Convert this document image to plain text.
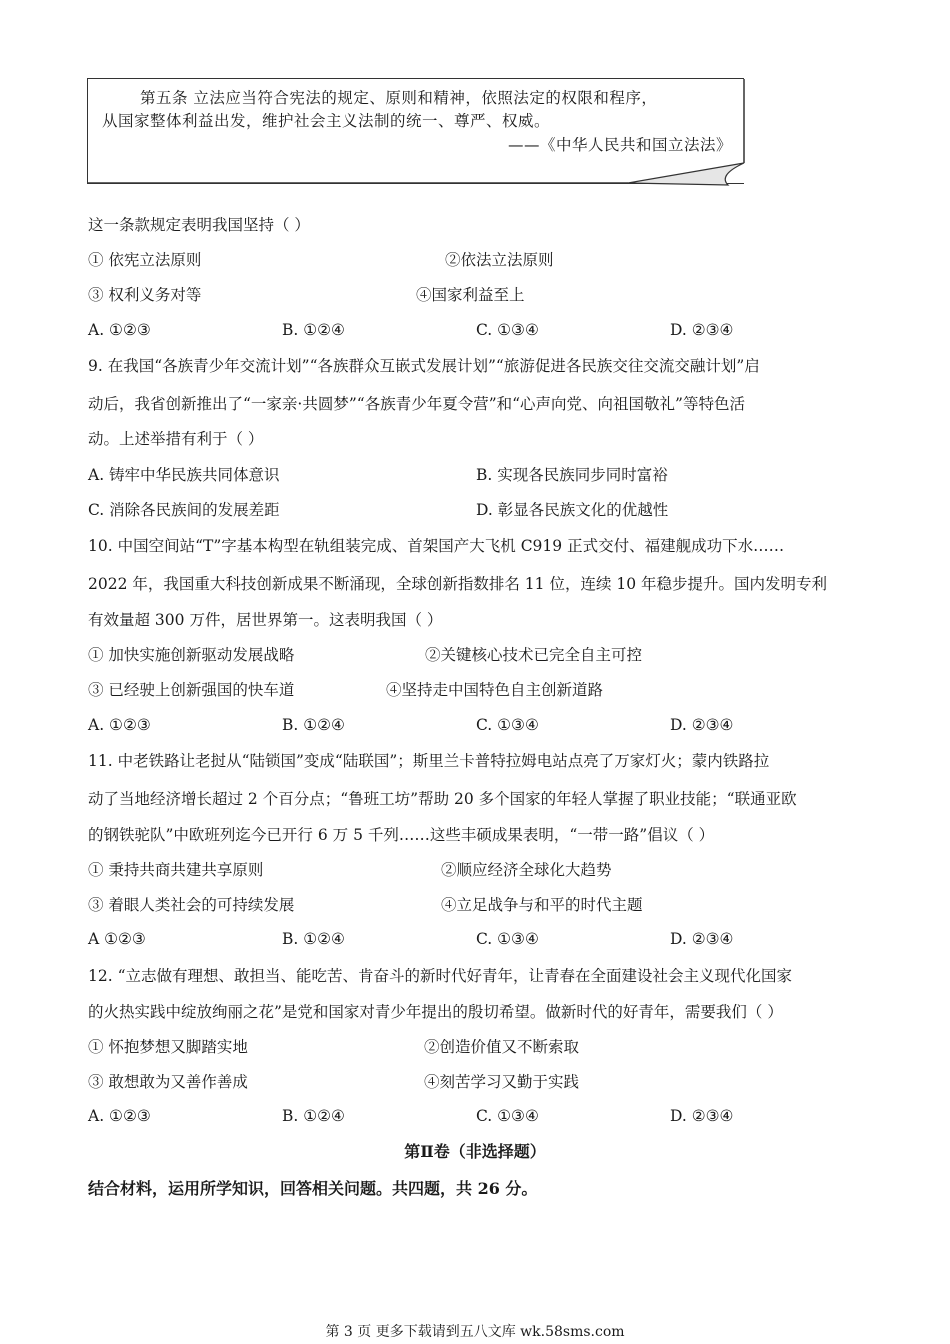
第五条 立法应当符合宪法的规定、原则和精神，依照法定的权限和程序，
从国家整体利益出发，维护社会主义法制的统一、尊严、权威。
——《中华人民共和国立法法》
这一条款规定表明我国坚持（ ）
① 依宪立法原则	②依法立法原则
③ 权利义务对等	④国家利益至上
A. ①②③	B. ①②④	C. ①③④	D. ②③④
9. 在我国“各族青少年交流计划”“各族群众互嵌式发展计划”“旅游促进各民族交往交流交融计划”启
动后，我省创新推出了“一家亲·共圆梦”“各族青少年夏令营”和“心声向党、向祖国敬礼”等特色活
动。上述举措有利于（ ）
A. 铸牢中华民族共同体意识	B. 实现各民族同步同时富裕
C. 消除各民族间的发展差距	D. 彰显各民族文化的优越性
10. 中国空间站“T”字基本构型在轨组装完成、首架国产大飞机 C919 正式交付、福建舰成功下水……
2022 年，我国重大科技创新成果不断涌现，全球创新指数排名 11 位，连续 10 年稳步提升。国内发明专利
有效量超 300 万件，居世界第一。这表明我国（ ）
① 加快实施创新驱动发展战略	②关键核心技术已完全自主可控
③ 已经驶上创新强国的快车道	④坚持走中国特色自主创新道路
A. ①②③	B. ①②④	C. ①③④	D. ②③④
11. 中老铁路让老挝从“陆锁国”变成“陆联国”；斯里兰卡普特拉姆电站点亮了万家灯火；蒙内铁路拉
动了当地经济增长超过 2 个百分点；“鲁班工坊”帮助 20 多个国家的年轻人掌握了职业技能；“联通亚欧
的钢铁驼队”中欧班列迄今已开行 6 万 5 千列……这些丰硕成果表明，“一带一路”倡议（ ）
① 秉持共商共建共享原则	②顺应经济全球化大趋势
③ 着眼人类社会的可持续发展	④立足战争与和平的时代主题
A ①②③	B. ①②④	C. ①③④	D. ②③④
12. “立志做有理想、敢担当、能吃苦、肯奋斗的新时代好青年，让青春在全面建设社会主义现代化国家
的火热实践中绽放绚丽之花”是党和国家对青少年提出的殷切希望。做新时代的好青年，需要我们（ ）
① 怀抱梦想又脚踏实地	②创造价值又不断索取
③ 敢想敢为又善作善成	④刻苦学习又勤于实践
A. ①②③	B. ①②④	C. ①③④	D. ②③④
第Ⅱ卷（非选择题）
结合材料，运用所学知识，回答相关问题。共四题，共 26 分。
第 3 页 更多下载请到五八文库 wk.58sms.com
